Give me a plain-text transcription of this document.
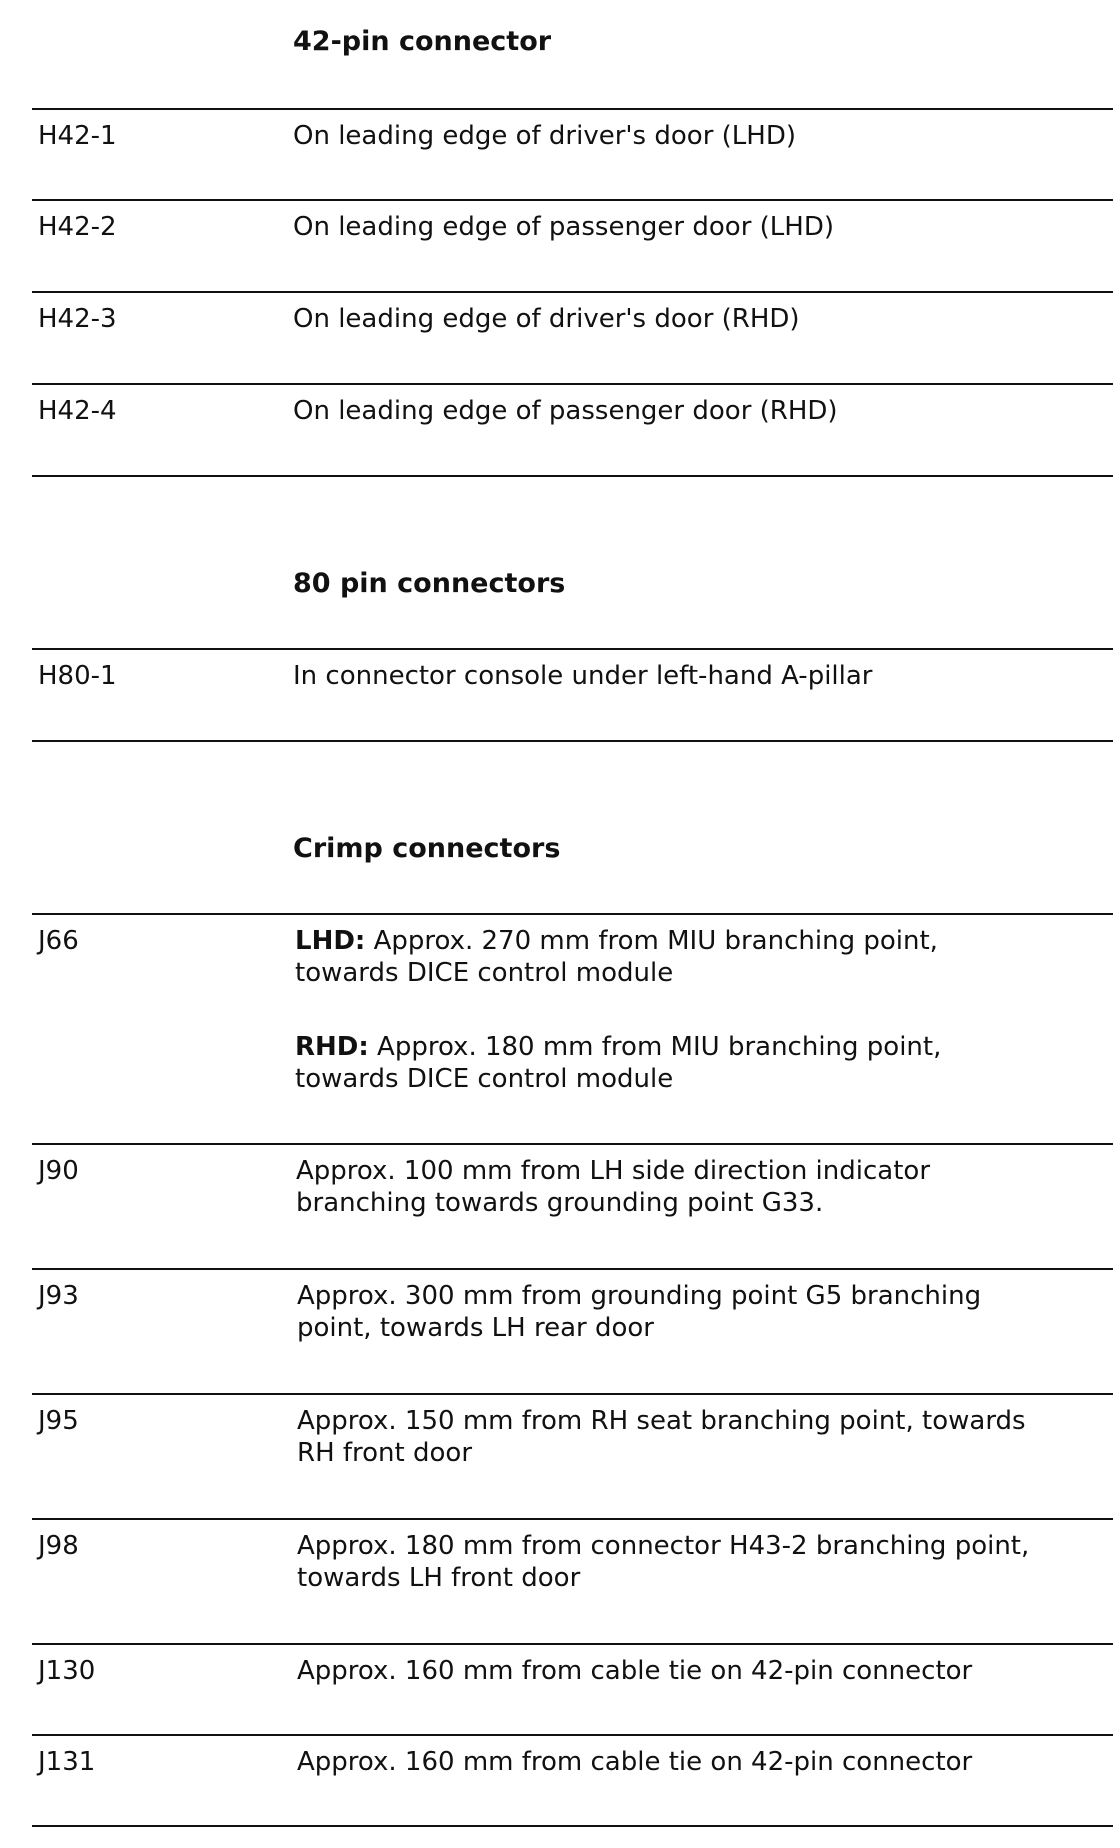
42-pin connector
H42-1	On leading edge of driver's door (LHD)
H42-2	On leading edge of passenger door (LHD)
H42-3	On leading edge of driver's door (RHD)
H42-4	On leading edge of passenger door (RHD)
80 pin connectors
H80-1	In connector console under left-hand A-pillar
Crimp connectors
J66	LHD: Approx. 270 mm from MIU branching point,
towards DICE control module
RHD: Approx. 180 mm from MIU branching point,
towards DICE control module
J90	Approx. 100 mm from LH side direction indicator
branching towards grounding point G33.
J93	Approx. 300 mm from grounding point G5 branching
point, towards LH rear door
J95	Approx. 150 mm from RH seat branching point, towards
RH front door
J98	Approx. 180 mm from connector H43-2 branching point,
towards LH front door
J130	Approx. 160 mm from cable tie on 42-pin connector
J131	Approx. 160 mm from cable tie on 42-pin connector
